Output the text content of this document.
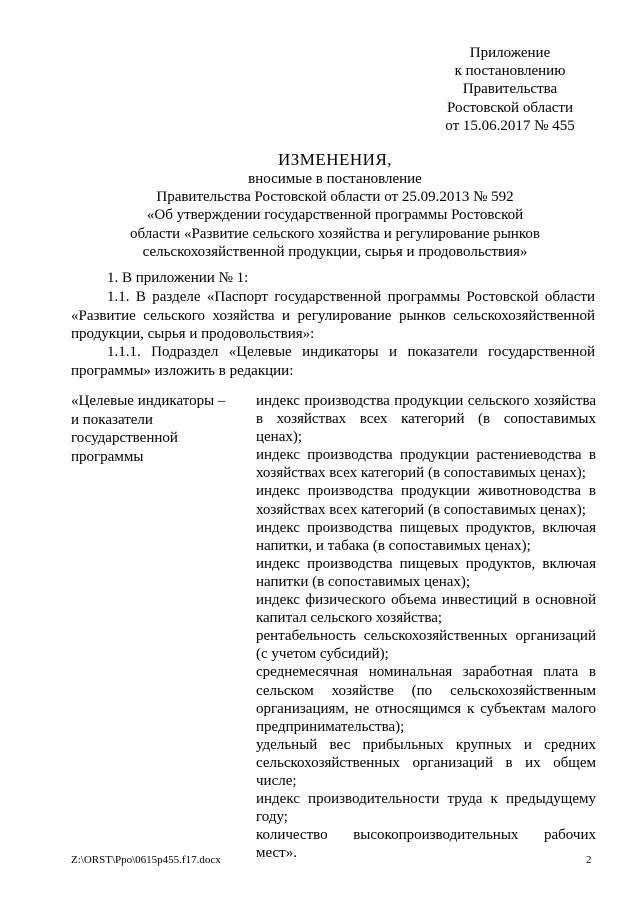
Приложение
к постановлению
Правительства
Ростовской области
от 15.06.2017 № 455
ИЗМЕНЕНИЯ,
вносимые в постановление
Правительства Ростовской области от 25.09.2013 № 592
«Об утверждении государственной программы Ростовской
области «Развитие сельского хозяйства и регулирование рынков
сельскохозяйственной продукции, сырья и продовольствия»
1. В приложении № 1:
1.1. В разделе «Паспорт государственной программы Ростовской области «Развитие сельского хозяйства и регулирование рынков сельскохозяйственной продукции, сырья и продовольствия»:
1.1.1. Подраздел «Целевые индикаторы и показатели государственной программы» изложить в редакции:
«Целевые индикаторы –
и показатели
государственной
программы
индекс производства продукции сельского хозяйства в хозяйствах всех категорий (в сопоставимых ценах);
индекс производства продукции растениеводства в хозяйствах всех категорий (в сопоставимых ценах);
индекс производства продукции животноводства в хозяйствах всех категорий (в сопоставимых ценах);
индекс производства пищевых продуктов, включая напитки, и табака (в сопоставимых ценах);
индекс производства пищевых продуктов, включая напитки (в сопоставимых ценах);
индекс физического объема инвестиций в основной капитал сельского хозяйства;
рентабельность сельскохозяйственных организаций (с учетом субсидий);
среднемесячная номинальная заработная плата в сельском хозяйстве (по сельскохозяйственным организациям, не относящимся к субъектам малого предпринимательства);
удельный вес прибыльных крупных и средних сельскохозяйственных организаций в их общем числе;
индекс производительности труда к предыдущему году;
количество высокопроизводительных рабочих мест».
Z:\ORST\Ppo\0615p455.f17.docx	2
